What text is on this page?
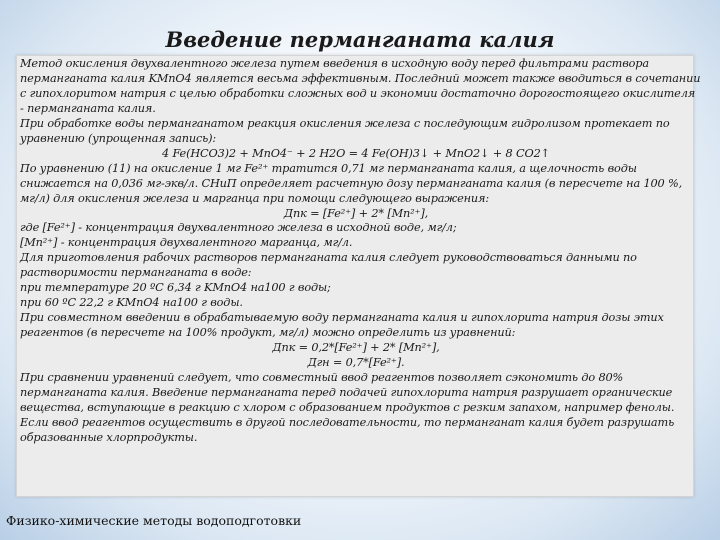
Введение перманганата калия

Метод окисления двухвалентного железа путем введения в исходную воду перед фильтрами раствора

перманганата калия KMnO4 является весьма эффективным. Последний может также вводиться в сочетании

с гипохлоритом натрия с целью обработки сложных вод и экономии достаточно дорогостоящего окислителя

- перманганата калия.

При обработке воды перманганатом реакция окисления железа с последующим гидролизом протекает по

уравнению (упрощенная запись):

4 Fe(HCO3)2 + MnO4⁻ + 2 H2O = 4 Fe(OH)3↓ + MnO2↓ + 8 CO2↑

По уравнению (11) на окисление 1 мг Fe²⁺ тратится 0,71 мг перманганата калия, а щелочность воды

снижается на 0,036 мг-экв/л. СНиП определяет расчетную дозу перманганата калия (в пересчете на 100 %,

мг/л) для окисления железа и марганца при помощи следующего выражения:

Дпк = [Fe²⁺] + 2* [Mn²⁺],

где [Fe²⁺] - концентрация двухвалентного железа в исходной воде, мг/л;

[Mn²⁺] - концентрация двухвалентного марганца, мг/л.

Для приготовления рабочих растворов перманганата калия следует руководствоваться данными по

растворимости перманганата в воде:

при температуре 20 ºС 6,34 г KMnO4 на100 г воды;

при 60 ºС 22,2 г KMnO4 на100 г воды.

При совместном введении в обрабатываемую воду перманганата калия и гипохлорита натрия дозы этих

реагентов (в пересчете на 100% продукт, мг/л) можно определить из уравнений:

Дпк = 0,2*[Fe²⁺] + 2* [Mn²⁺],

Дгн = 0,7*[Fe²⁺].

При сравнении уравнений следует, что совместный ввод реагентов позволяет сэкономить до 80%

перманганата калия. Введение перманганата перед подачей гипохлорита натрия разрушает органические

вещества, вступающие в реакцию с хлором с образованием продуктов с резким запахом, например фенолы.

Если ввод реагентов осуществить в другой последовательности, то перманганат калия будет разрушать

образованные хлорпродукты.

Физико-химические методы водоподготовки
